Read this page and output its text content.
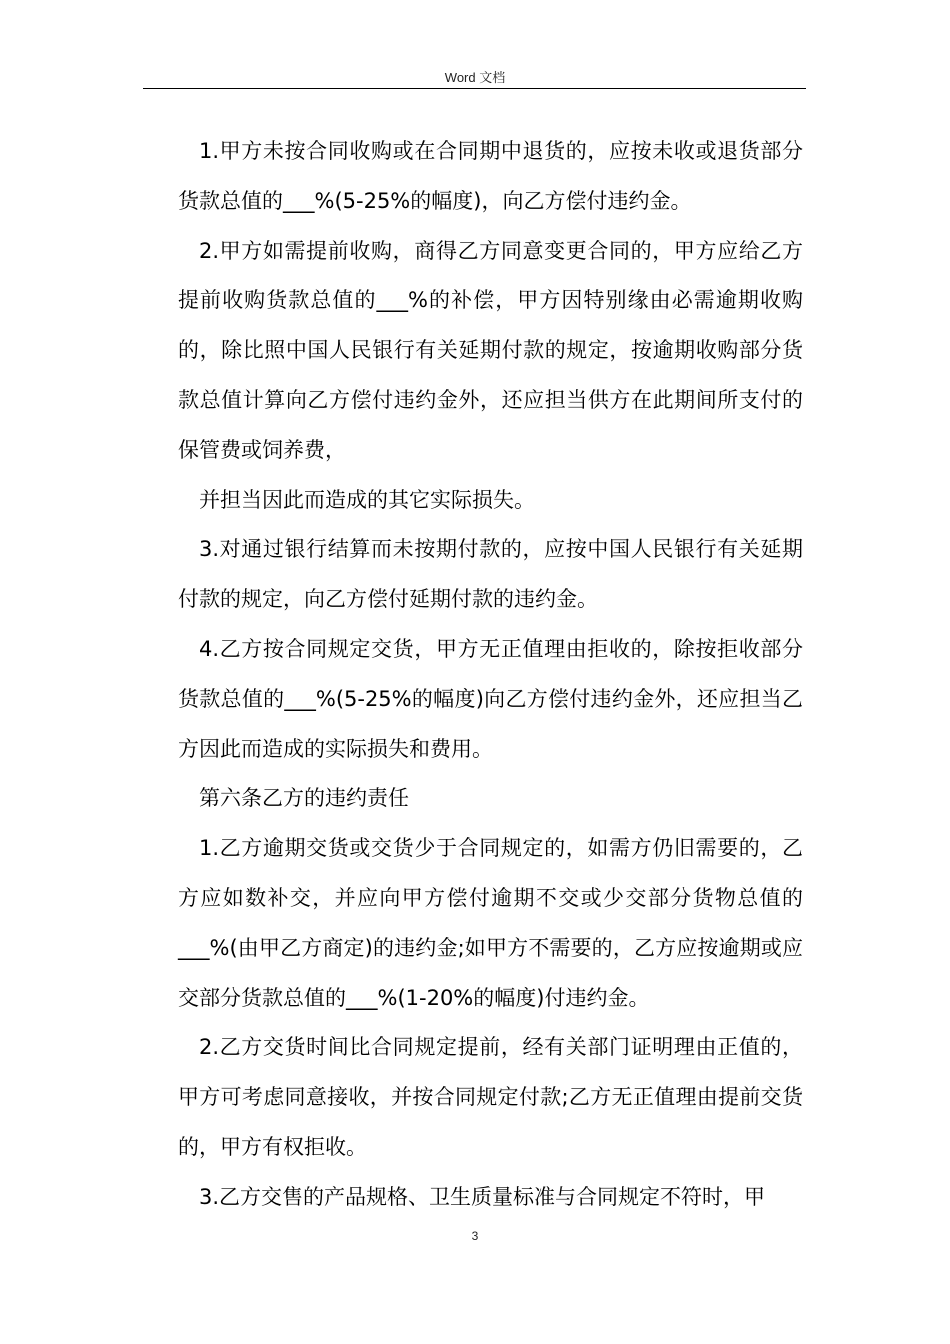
Word 文档

1.甲方未按合同收购或在合同期中退货的，应按未收或退货部分货款总值的___%(5-25%的幅度)，向乙方偿付违约金。

2.甲方如需提前收购，商得乙方同意变更合同的，甲方应给乙方提前收购货款总值的___%的补偿，甲方因特别缘由必需逾期收购的，除比照中国人民银行有关延期付款的规定，按逾期收购部分货款总值计算向乙方偿付违约金外，还应担当供方在此期间所支付的保管费或饲养费，

并担当因此而造成的其它实际损失。

3.对通过银行结算而未按期付款的，应按中国人民银行有关延期付款的规定，向乙方偿付延期付款的违约金。

4.乙方按合同规定交货，甲方无正值理由拒收的，除按拒收部分货款总值的___%(5-25%的幅度)向乙方偿付违约金外，还应担当乙方因此而造成的实际损失和费用。

第六条乙方的违约责任

1.乙方逾期交货或交货少于合同规定的，如需方仍旧需要的，乙方应如数补交，并应向甲方偿付逾期不交或少交部分货物总值的___%(由甲乙方商定)的违约金;如甲方不需要的，乙方应按逾期或应交部分货款总值的___%(1-20%的幅度)付违约金。

2.乙方交货时间比合同规定提前，经有关部门证明理由正值的，甲方可考虑同意接收，并按合同规定付款;乙方无正值理由提前交货的，甲方有权拒收。

3.乙方交售的产品规格、卫生质量标准与合同规定不符时，甲

3
